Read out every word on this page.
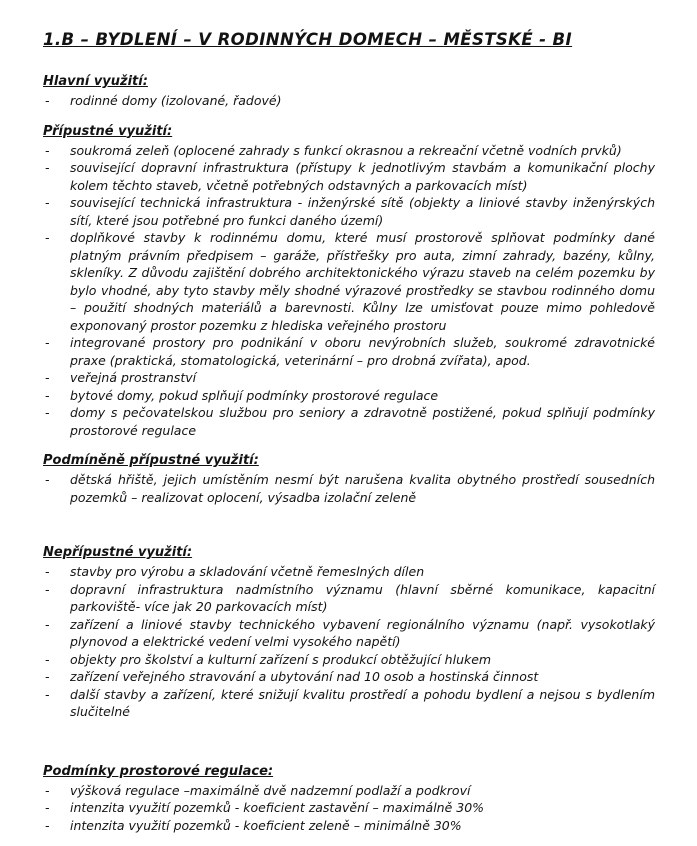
1.B – BYDLENÍ – V RODINNÝCH DOMECH – MĚSTSKÉ - BI
Hlavní využití:
-	rodinné domy (izolované, řadové)
Přípustné využití:
-	soukromá zeleň (oplocené zahrady s funkcí okrasnou a rekreační včetně vodních prvků)
-	související dopravní infrastruktura (přístupy k jednotlivým stavbám a komunikační plochy kolem těchto staveb, včetně potřebných odstavných a parkovacích míst)
-	související technická infrastruktura - inženýrské sítě (objekty a liniové stavby inženýrských sítí, které jsou potřebné pro funkci daného území)
-	doplňkové stavby k rodinnému domu, které musí prostorově splňovat podmínky dané platným právním předpisem – garáže, přístřešky pro auta, zimní zahrady, bazény, kůlny, skleníky. Z důvodu zajištění dobrého architektonického výrazu staveb na celém pozemku by bylo vhodné, aby tyto stavby měly shodné výrazové prostředky se stavbou rodinného domu – použití shodných materiálů a barevnosti. Kůlny lze umisťovat pouze mimo pohledově exponovaný prostor pozemku z hlediska veřejného prostoru
-	integrované prostory pro podnikání v oboru nevýrobních služeb, soukromé zdravotnické praxe (praktická, stomatologická, veterinární – pro drobná zvířata), apod.
-	veřejná prostranství
-	bytové domy, pokud splňují podmínky prostorové regulace
-	domy s pečovatelskou službou pro seniory a zdravotně postižené, pokud splňují podmínky prostorové regulace
Podmíněně přípustné využití:
-	dětská hřiště, jejich umístěním nesmí být narušena kvalita obytného prostředí sousedních pozemků – realizovat oplocení, výsadba izolační zeleně
Nepřípustné využití:
-	stavby pro výrobu a skladování včetně řemeslných dílen
-	dopravní infrastruktura nadmístního významu (hlavní sběrné komunikace, kapacitní parkoviště- více jak 20 parkovacích míst)
-	zařízení a liniové stavby technického vybavení regionálního významu (např. vysokotlaký plynovod a elektrické vedení velmi vysokého napětí)
-	objekty pro školství a kulturní zařízení s produkcí obtěžující hlukem
-	zařízení veřejného stravování a ubytování nad 10 osob a hostinská činnost
-	další stavby a zařízení, které snižují kvalitu prostředí a pohodu bydlení a nejsou s bydlením slučitelné
Podmínky prostorové regulace:
-	výšková regulace –maximálně dvě nadzemní podlaží a podkroví
-	intenzita využití pozemků - koeficient zastavění – maximálně 30%
-	intenzita využití pozemků - koeficient zeleně – minimálně 30%
